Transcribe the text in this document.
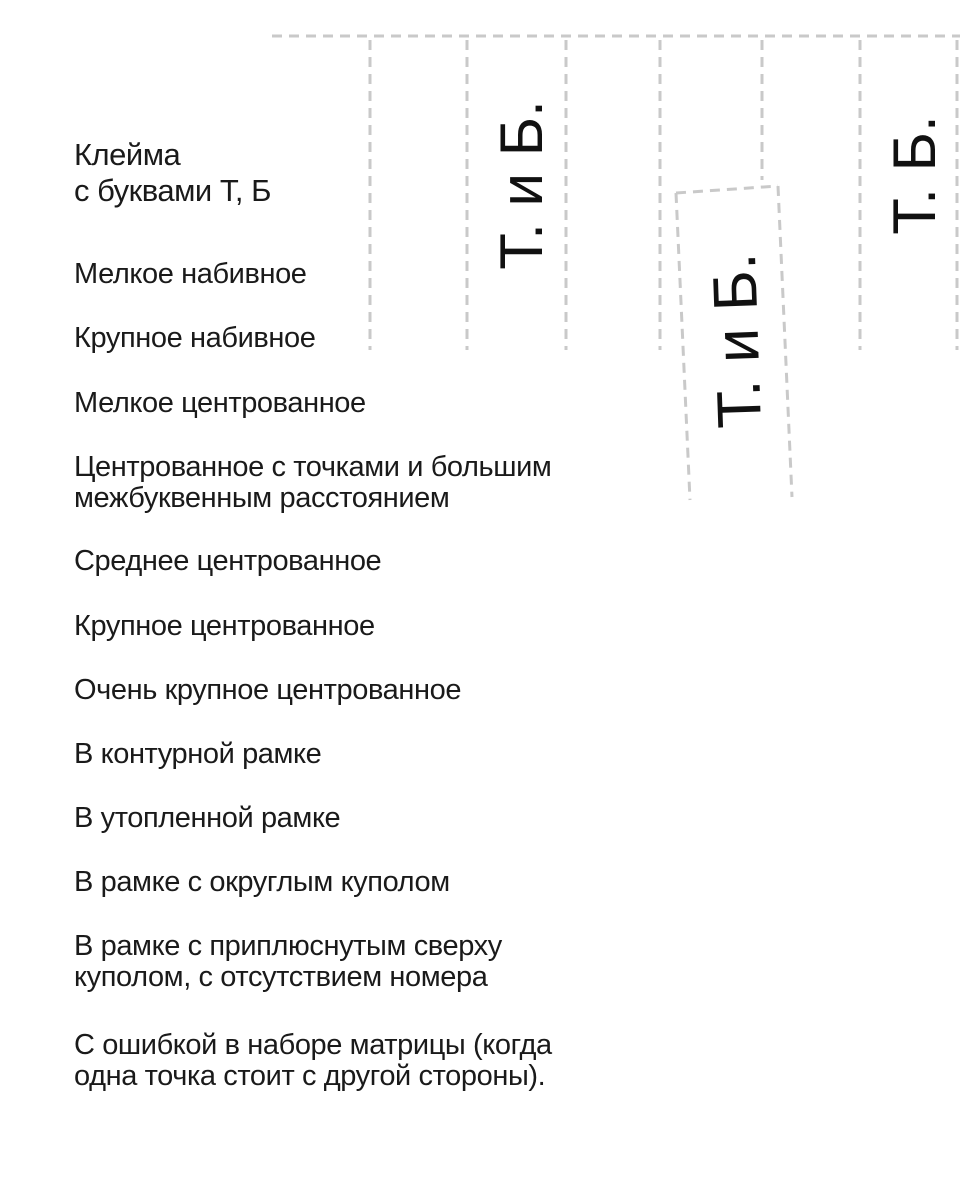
Клейма
с буквами Т, Б
Мелкое набивное
Крупное набивное
Мелкое центрованное
Центрованное с точками и большим
межбуквенным расстоянием
Среднее центрованное
Крупное центрованное
Очень крупное центрованное
В контурной рамке
В утопленной рамке
В рамке с округлым куполом
В рамке с приплюснутым сверху
куполом, с отсутствием номера
С ошибкой в наборе матрицы (когда
одна точка стоит с другой стороны).
Т. и Б.
Т. и Б.
Т. Б.
